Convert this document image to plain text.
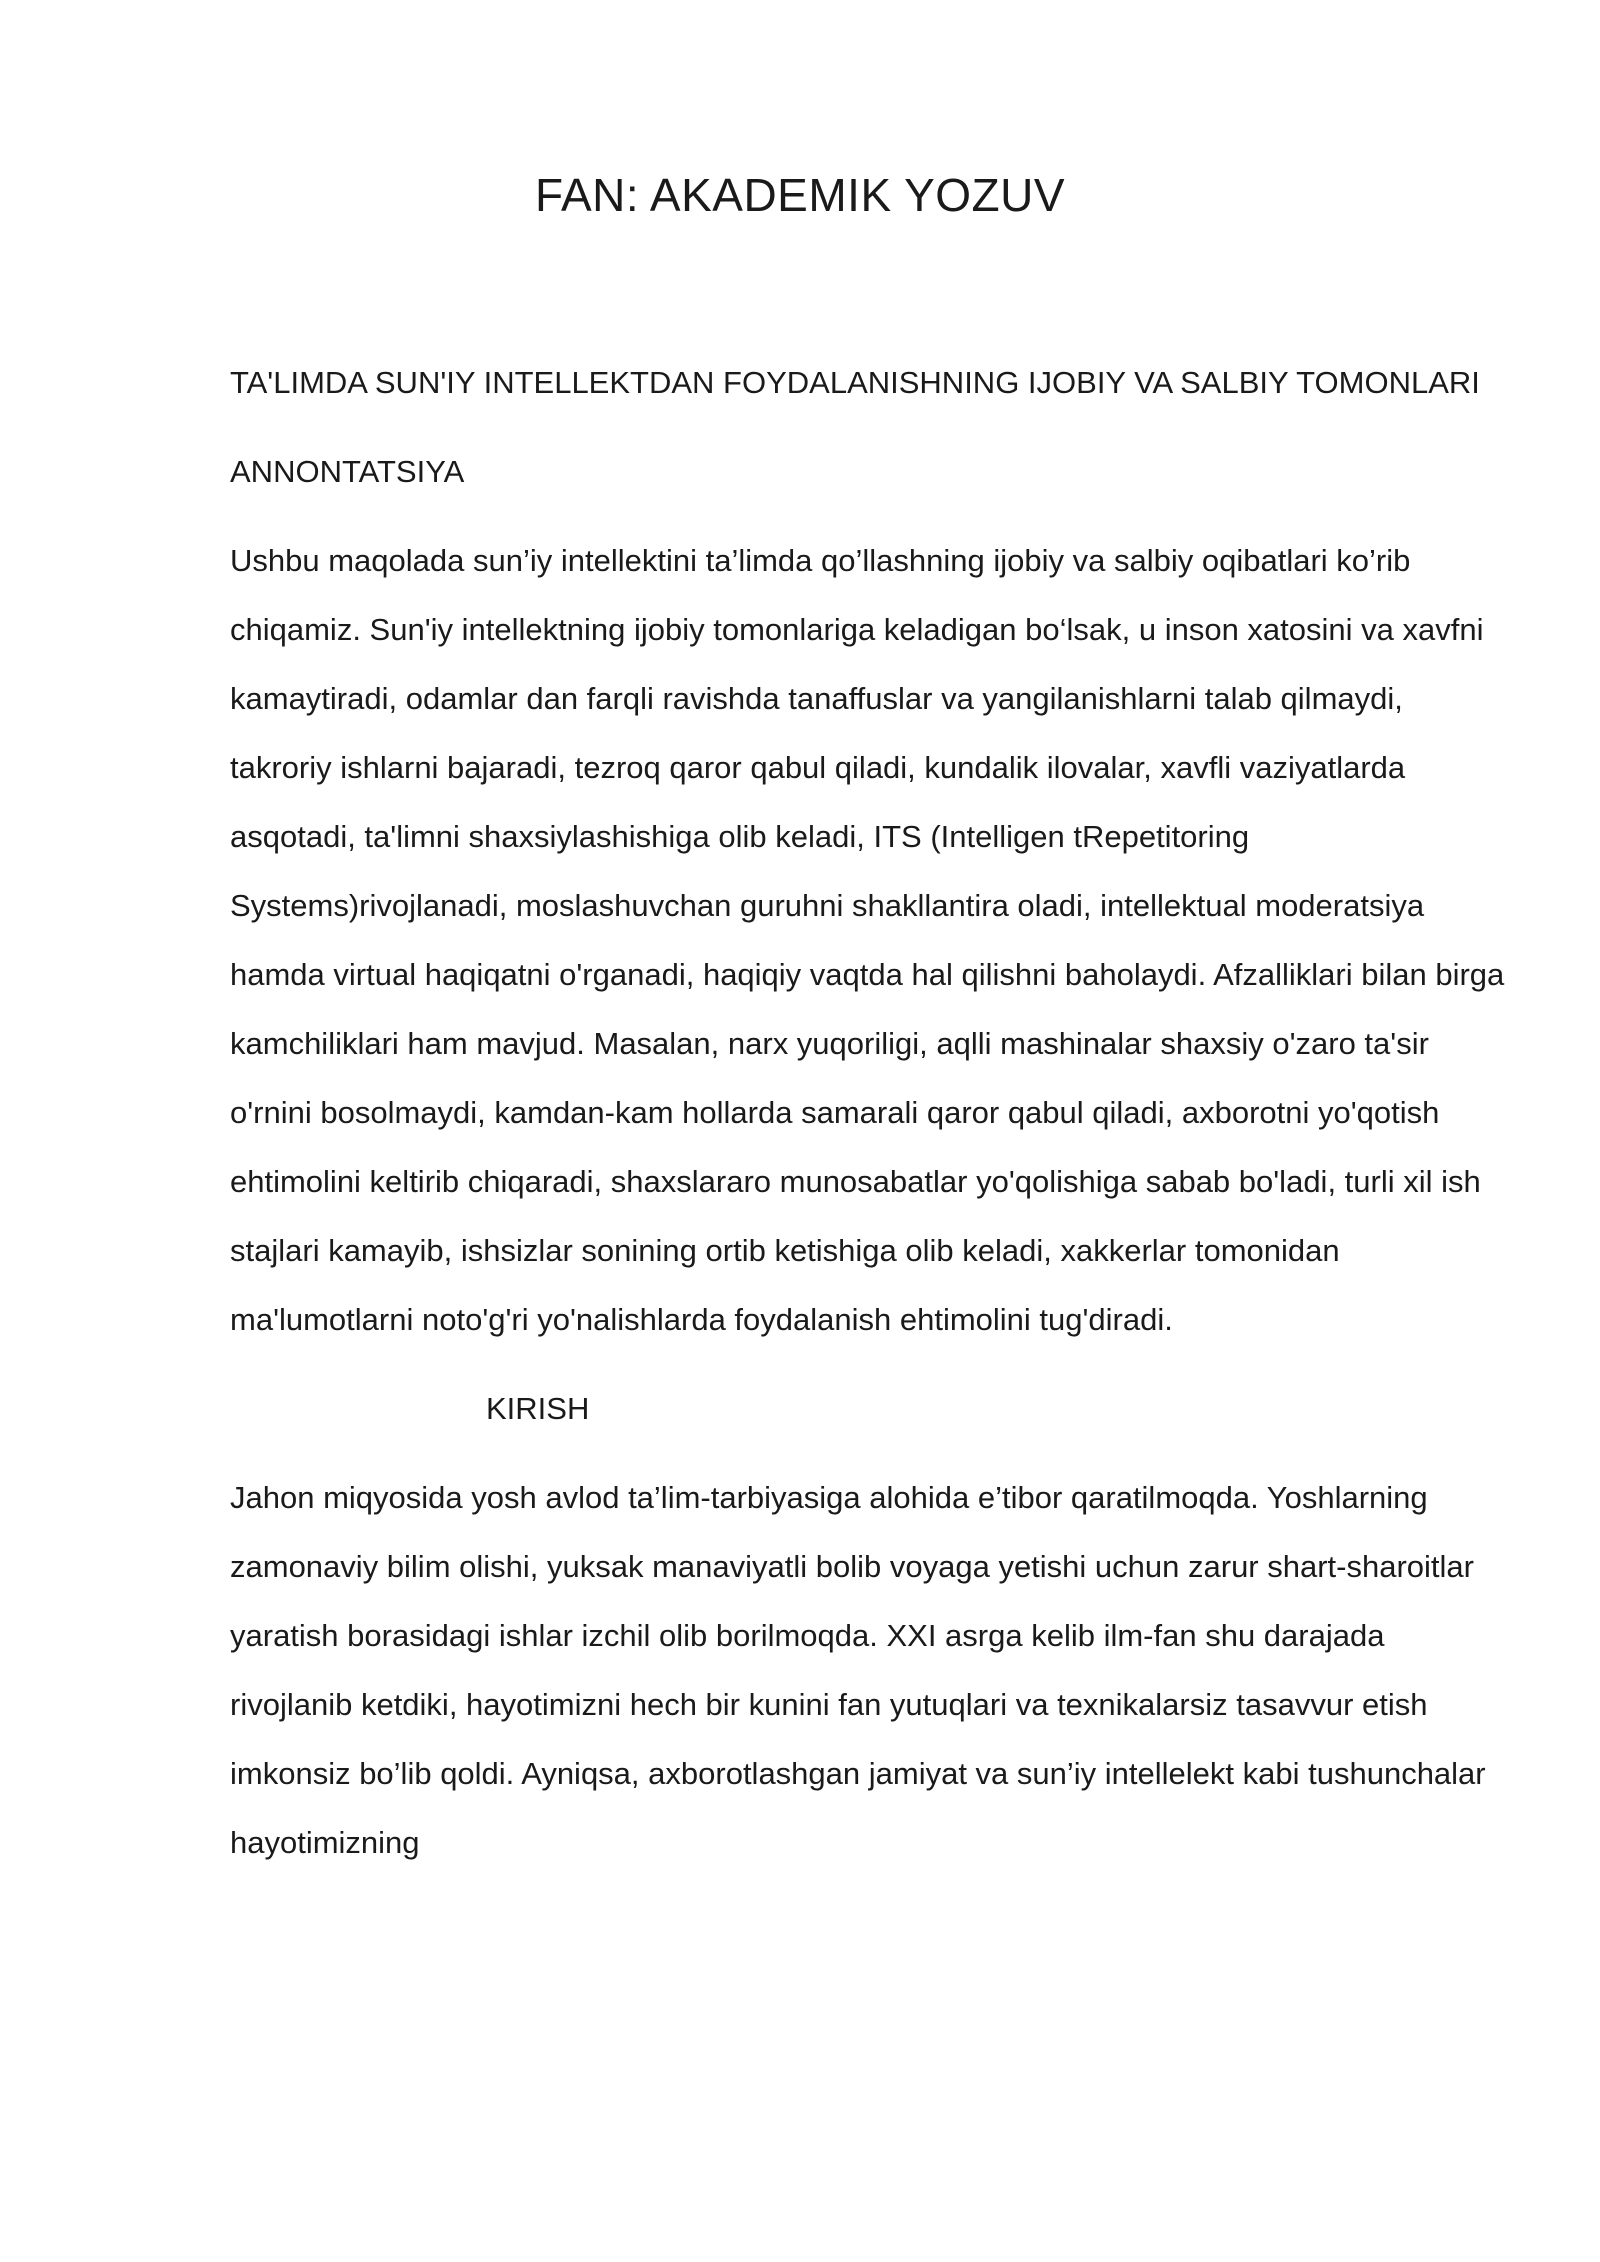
FAN: AKADEMIK YOZUV

TA'LIMDA SUN'IY INTELLEKTDAN FOYDALANISHNING IJOBIY VA SALBIY TOMONLARI

ANNONTATSIYA

Ushbu maqolada sun’iy intellektini ta’limda qo’llashning ijobiy va salbiy oqibatlari ko’rib chiqamiz. Sun'iy intellektning ijobiy tomonlariga keladigan bo‘lsak, u inson xatosini va xavfni kamaytiradi, odamlar dan farqli ravishda tanaffuslar va yangilanishlarni talab qilmaydi, takroriy ishlarni bajaradi, tezroq qaror qabul qiladi, kundalik ilovalar, xavfli vaziyatlarda asqotadi, ta'limni shaxsiylashishiga olib keladi, ITS (Intelligen tRepetitoring Systems)rivojlanadi, moslashuvchan guruhni shakllantira oladi, intellektual moderatsiya hamda virtual haqiqatni o'rganadi, haqiqiy vaqtda hal qilishni baholaydi. Afzalliklari bilan birga kamchiliklari ham mavjud. Masalan, narx yuqoriligi, aqlli mashinalar shaxsiy o'zaro ta'sir o'rnini bosolmaydi, kamdan-kam hollarda samarali qaror qabul qiladi, axborotni yo'qotish ehtimolini keltirib chiqaradi, shaxslararo munosabatlar yo'qolishiga sabab bo'ladi, turli xil ish stajlari kamayib, ishsizlar sonining ortib ketishiga olib keladi, xakkerlar tomonidan ma'lumotlarni noto'g'ri yo'nalishlarda foydalanish ehtimolini tug'diradi.

KIRISH

Jahon miqyosida yosh avlod ta’lim-tarbiyasiga alohida e’tibor qaratilmoqda. Yoshlarning zamonaviy bilim olishi, yuksak manaviyatli bolib voyaga yetishi uchun zarur shart-sharoitlar yaratish borasidagi ishlar izchil olib borilmoqda. XXI asrga kelib ilm-fan shu darajada rivojlanib ketdiki, hayotimizni hech bir kunini fan yutuqlari va texnikalarsiz tasavvur etish imkonsiz bo’lib qoldi. Ayniqsa, axborotlashgan jamiyat va sun’iy intellelekt kabi tushunchalar hayotimizning
